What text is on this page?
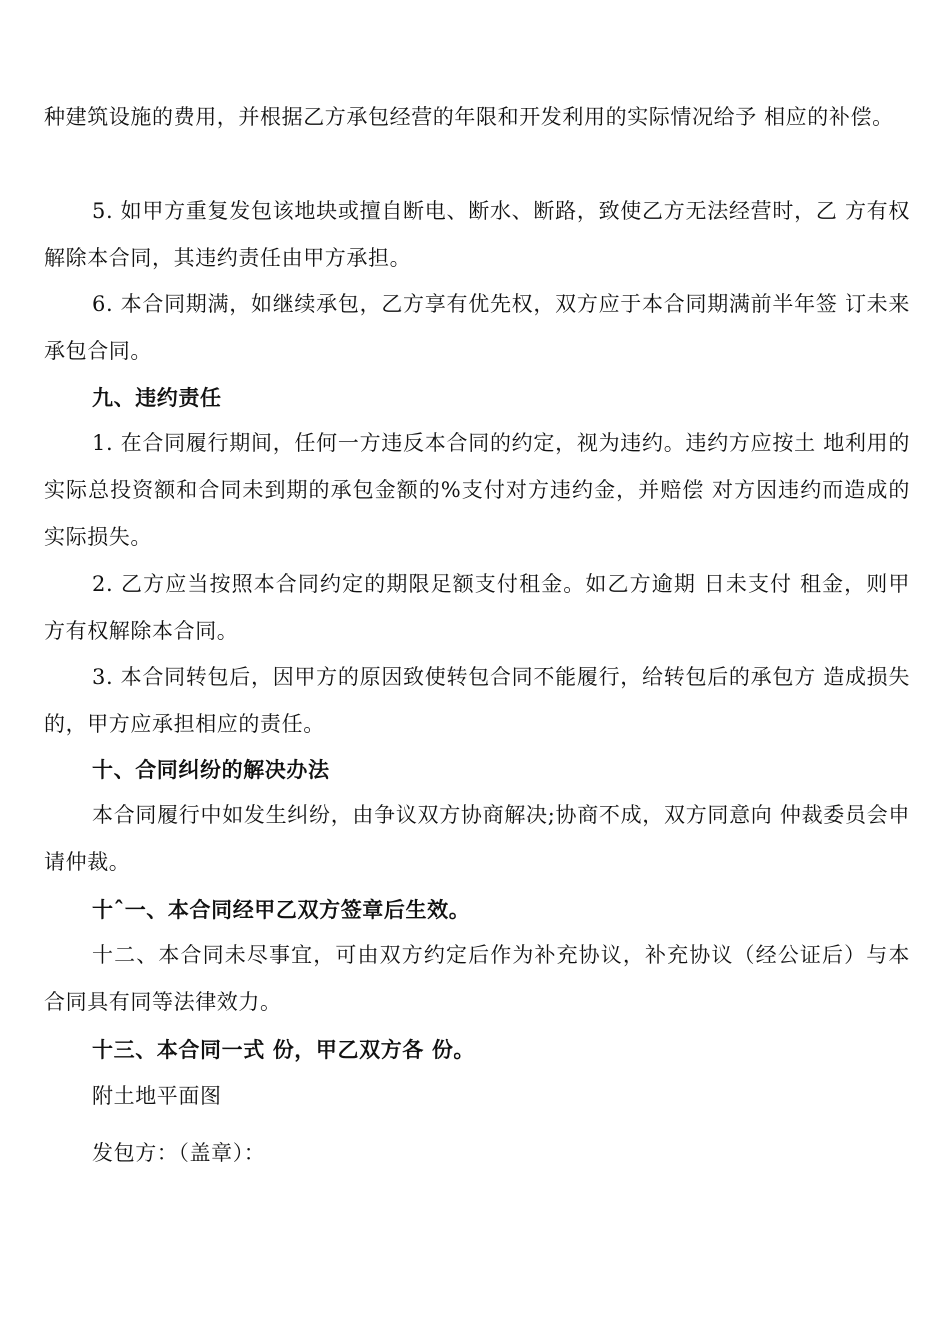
种建筑设施的费用，并根据乙方承包经营的年限和开发利用的实际情况给予 相应的补偿。

5. 如甲方重复发包该地块或擅自断电、断水、断路，致使乙方无法经营时，乙 方有权解除本合同，其违约责任由甲方承担。

6. 本合同期满，如继续承包，乙方享有优先权，双方应于本合同期满前半年签 订未来承包合同。

九、违约责任

1. 在合同履行期间，任何一方违反本合同的约定，视为违约。违约方应按土 地利用的实际总投资额和合同未到期的承包金额的%支付对方违约金，并赔偿 对方因违约而造成的实际损失。

2. 乙方应当按照本合同约定的期限足额支付租金。如乙方逾期 日未支付 租金，则甲方有权解除本合同。

3. 本合同转包后，因甲方的原因致使转包合同不能履行，给转包后的承包方 造成损失的，甲方应承担相应的责任。

十、合同纠纷的解决办法

本合同履行中如发生纠纷，由争议双方协商解决;协商不成，双方同意向 仲裁委员会申请仲裁。

十ˆ一、本合同经甲乙双方签章后生效。

十二、本合同未尽事宜，可由双方约定后作为补充协议，补充协议（经公证后）与本合同具有同等法律效力。

十三、本合同一式 份，甲乙双方各 份。

附土地平面图

发包方：（盖章）：
